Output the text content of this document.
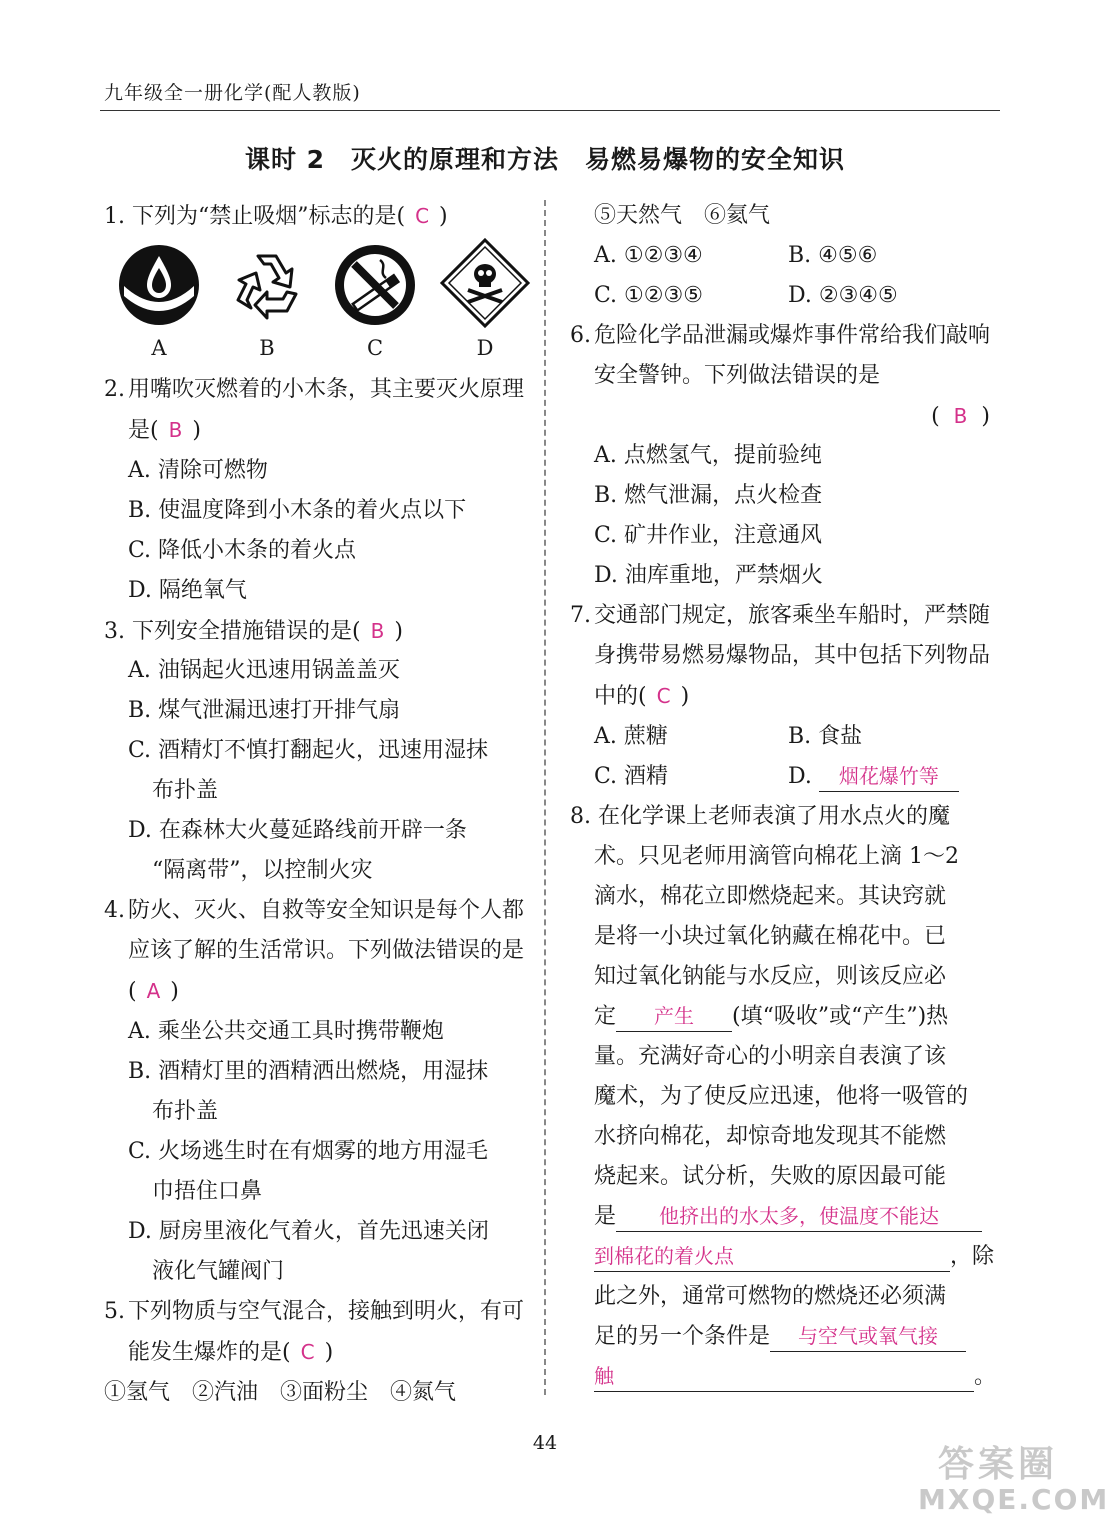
九年级全一册化学(配人教版)
课时 2　灭火的原理和方法　易燃易爆物的安全知识
1. 下列为“禁止吸烟”标志的是( C )
A	B	C	D
2. 用嘴吹灭燃着的小木条，其主要灭火原理是( B )
A. 清除可燃物
B. 使温度降到小木条的着火点以下
C. 降低小木条的着火点
D. 隔绝氧气
3. 下列安全措施错误的是( B )
A. 油锅起火迅速用锅盖盖灭
B. 煤气泄漏迅速打开排气扇
C. 酒精灯不慎打翻起火，迅速用湿抹
布扑盖
D. 在森林大火蔓延路线前开辟一条
“隔离带”，以控制火灾
4. 防火、灭火、自救等安全知识是每个人都应该了解的生活常识。下列做法错误的是( A )
A. 乘坐公共交通工具时携带鞭炮
B. 酒精灯里的酒精洒出燃烧，用湿抹
布扑盖
C. 火场逃生时在有烟雾的地方用湿毛
巾捂住口鼻
D. 厨房里液化气着火，首先迅速关闭
液化气罐阀门
5. 下列物质与空气混合，接触到明火，有可能发生爆炸的是( C )
①氢气　②汽油　③面粉尘　④氮气
⑤天然气　⑥氦气
A. ①②③④	B. ④⑤⑥
C. ①②③⑤	D. ②③④⑤
6. 危险化学品泄漏或爆炸事件常给我们敲响安全警钟。下列做法错误的是
( B )
A. 点燃氢气，提前验纯
B. 燃气泄漏，点火检查
C. 矿井作业，注意通风
D. 油库重地，严禁烟火
7. 交通部门规定，旅客乘坐车船时，严禁随身携带易燃易爆物品，其中包括下列物品中的( C )
A. 蔗糖	B. 食盐
C. 酒精	D. 烟花爆竹等
8. 在化学课上老师表演了用水点火的魔
术。只见老师用滴管向棉花上滴 1～2
滴水，棉花立即燃烧起来。其诀窍就
是将一小块过氧化钠藏在棉花中。已
知过氧化钠能与水反应，则该反应必
定 产生 (填“吸收”或“产生”)热
量。充满好奇心的小明亲自表演了该
魔术，为了使反应迅速，他将一吸管的
水挤向棉花，却惊奇地发现其不能燃
烧起来。试分析，失败的原因最可能
是 他挤出的水太多，使温度不能达
到棉花的着火点	，除
此之外，通常可燃物的燃烧还必须满
足的另一个条件是 与空气或氧气接
触	。
44
答案圈
MXQE.COM
